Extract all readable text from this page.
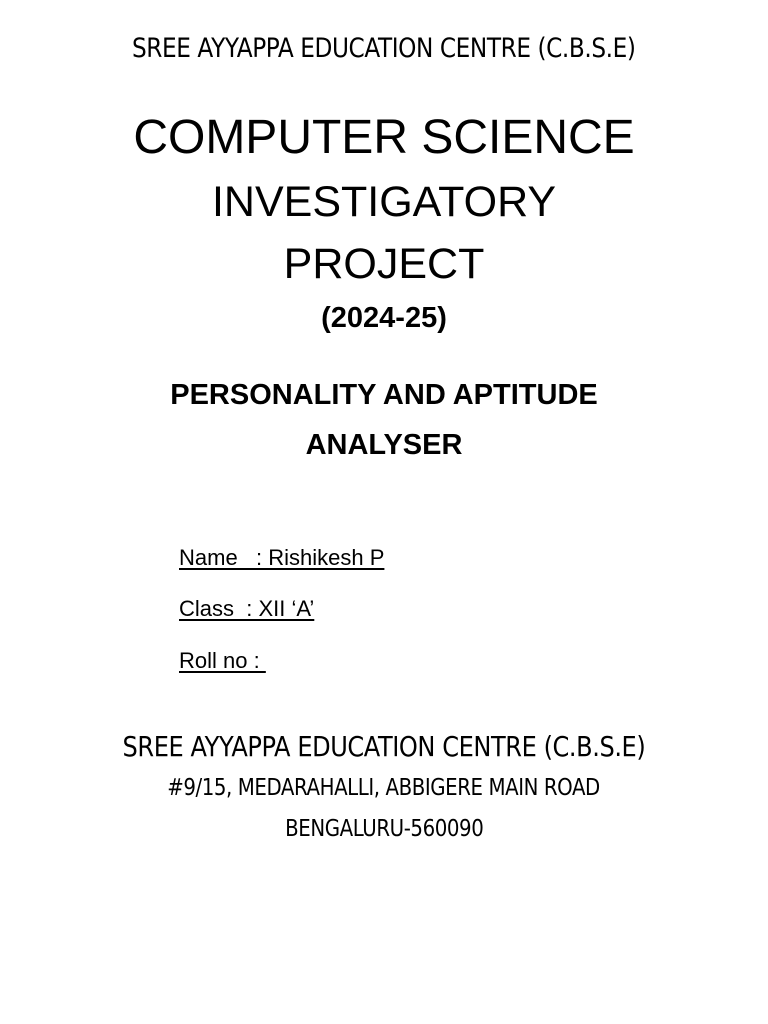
SREE AYYAPPA EDUCATION CENTRE (C.B.S.E)
COMPUTER SCIENCE
INVESTIGATORY
PROJECT
(2024-25)
PERSONALITY AND APTITUDE
ANALYSER
Name   : Rishikesh P
Class  : XII ‘A’
Roll no :
SREE AYYAPPA EDUCATION CENTRE (C.B.S.E)
#9/15, MEDARAHALLI, ABBIGERE MAIN ROAD
BENGALURU-560090
